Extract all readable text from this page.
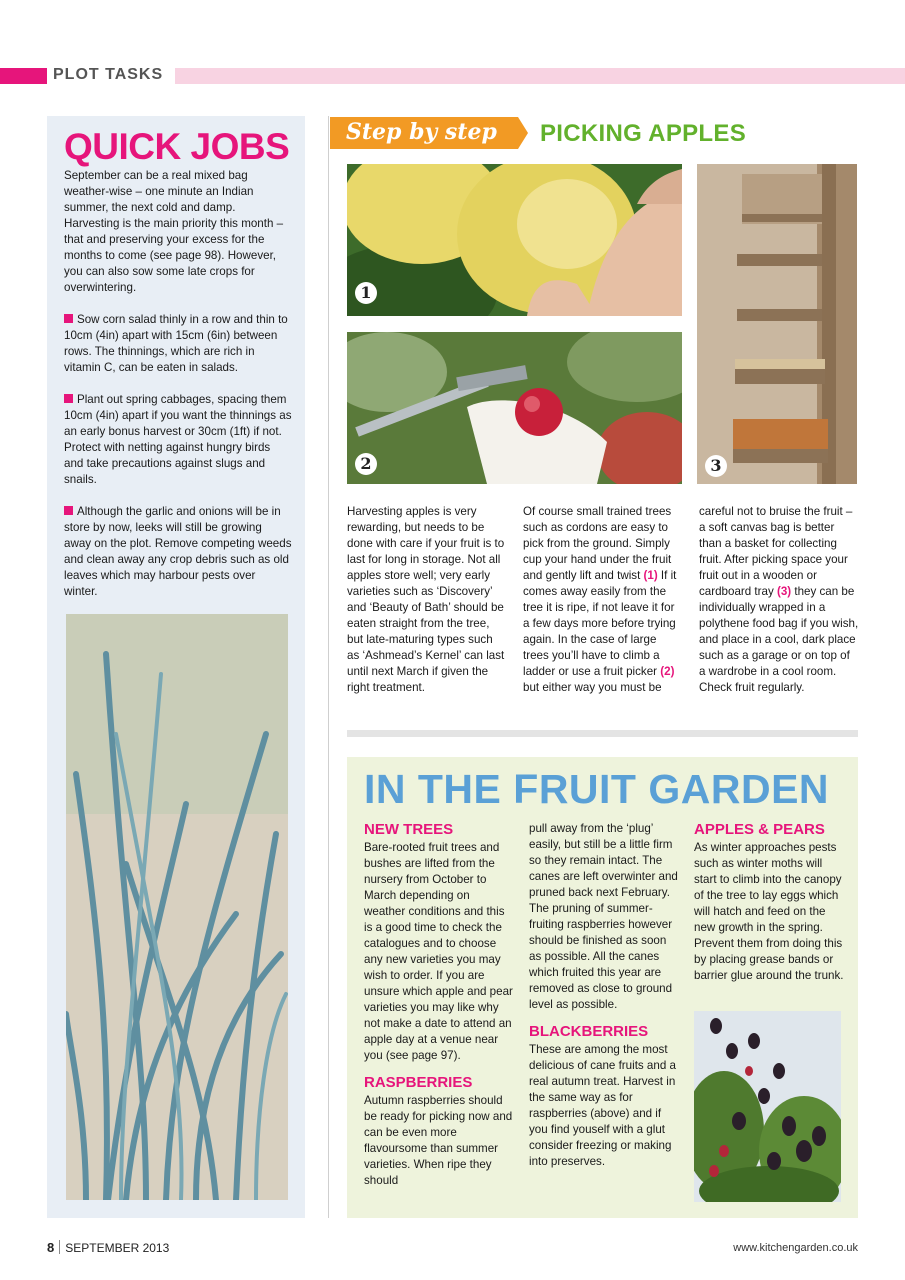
PLOT TASKS
QUICK JOBS

September can be a real mixed bag weather-wise – one minute an Indian summer, the next cold and damp. Harvesting is the main priority this month – that and preserving your excess for the months to come (see page 98). However, you can also sow some late crops for overwintering.

Sow corn salad thinly in a row and thin to 10cm (4in) apart with 15cm (6in) between rows. The thinnings, which are rich in vitamin C, can be eaten in salads.

Plant out spring cabbages, spacing them 10cm (4in) apart if you want the thinnings as an early bonus harvest or 30cm (1ft) if not. Protect with netting against hungry birds and take precautions against slugs and snails.

Although the garlic and onions will be in store by now, leeks will still be growing away on the plot. Remove competing weeds and clean away any crop debris such as old leaves which may harbour pests over winter.

Step by step PICKING APPLES
1
2	3
Harvesting apples is very rewarding, but needs to be done with care if your fruit is to last for long in storage. Not all apples store well; very early varieties such as ‘Discovery’ and ‘Beauty of Bath’ should be eaten straight from the tree, but late-maturing types such as ‘Ashmead’s Kernel’ can last until next March if given the right treatment.
Of course small trained trees such as cordons are easy to pick from the ground. Simply cup your hand under the fruit and gently lift and twist (1) If it comes away easily from the tree it is ripe, if not leave it for a few days more before trying again. In the case of large trees you’ll have to climb a ladder or use a fruit picker (2) but either way you must be
careful not to bruise the fruit – a soft canvas bag is better than a basket for collecting fruit. After picking space your fruit out in a wooden or cardboard tray (3) they can be individually wrapped in a polythene food bag if you wish, and place in a cool, dark place such as a garage or on top of a wardrobe in a cool room. Check fruit regularly.
IN THE FRUIT GARDEN
NEW TREES
Bare-rooted fruit trees and bushes are lifted from the nursery from October to March depending on weather conditions and this is a good time to check the catalogues and to choose any new varieties you may wish to order. If you are unsure which apple and pear varieties you may like why not make a date to attend an apple day at a venue near you (see page 97).
RASPBERRIES
Autumn raspberries should be ready for picking now and can be even more flavoursome than summer varieties. When ripe they should
pull away from the ‘plug’ easily, but still be a little firm so they remain intact. The canes are left overwinter and pruned back next February. The pruning of summer-fruiting raspberries however should be finished as soon as possible. All the canes which fruited this year are removed as close to ground level as possible.
BLACKBERRIES
These are among the most delicious of cane fruits and a real autumn treat. Harvest in the same way as for raspberries (above) and if you find youself with a glut consider freezing or making into preserves.
APPLES & PEARS
As winter approaches pests such as winter moths will start to climb into the canopy of the tree to lay eggs which will hatch and feed on the new growth in the spring. Prevent them from doing this by placing grease bands or barrier glue around the trunk.
8 SEPTEMBER 2013	www.kitchengarden.co.uk
